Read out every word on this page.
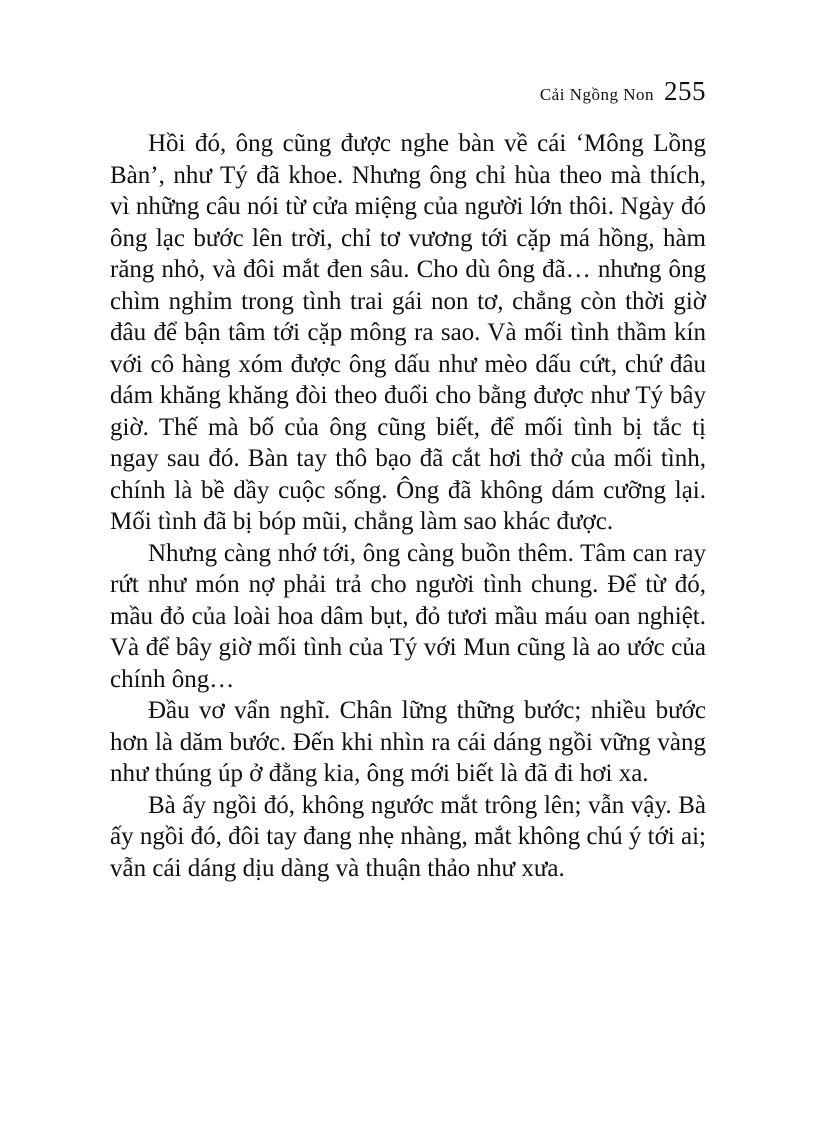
Cải Ngồng Non 255

Hồi đó, ông cũng được nghe bàn về cái ‘Mông Lồng Bàn’, như Tý đã khoe. Nhưng ông chỉ hùa theo mà thích, vì những câu nói từ cửa miệng của người lớn thôi. Ngày đó ông lạc bước lên trời, chỉ tơ vương tới cặp má hồng, hàm răng nhỏ, và đôi mắt đen sâu. Cho dù ông đã… nhưng ông chìm nghỉm trong tình trai gái non tơ, chẳng còn thời giờ đâu để bận tâm tới cặp mông ra sao. Và mối tình thầm kín với cô hàng xóm được ông dấu như mèo dấu cứt, chứ đâu dám khăng khăng đòi theo đuổi cho bằng được như Tý bây giờ. Thế mà bố của ông cũng biết, để mối tình bị tắc tị ngay sau đó. Bàn tay thô bạo đã cắt hơi thở của mối tình, chính là bề dầy cuộc sống. Ông đã không dám cưỡng lại. Mối tình đã bị bóp mũi, chẳng làm sao khác được.

Nhưng càng nhớ tới, ông càng buồn thêm. Tâm can ray rứt như món nợ phải trả cho người tình chung. Để từ đó, mầu đỏ của loài hoa dâm bụt, đỏ tươi mầu máu oan nghiệt. Và để bây giờ mối tình của Tý với Mun cũng là ao ước của chính ông…

Đầu vơ vẩn nghĩ. Chân lững thững bước; nhiều bước hơn là dăm bước. Đến khi nhìn ra cái dáng ngồi vững vàng như thúng úp ở đằng kia, ông mới biết là đã đi hơi xa.

Bà ấy ngồi đó, không ngước mắt trông lên; vẫn vậy. Bà ấy ngồi đó, đôi tay đang nhẹ nhàng, mắt không chú ý tới ai; vẫn cái dáng dịu dàng và thuận thảo như xưa.
